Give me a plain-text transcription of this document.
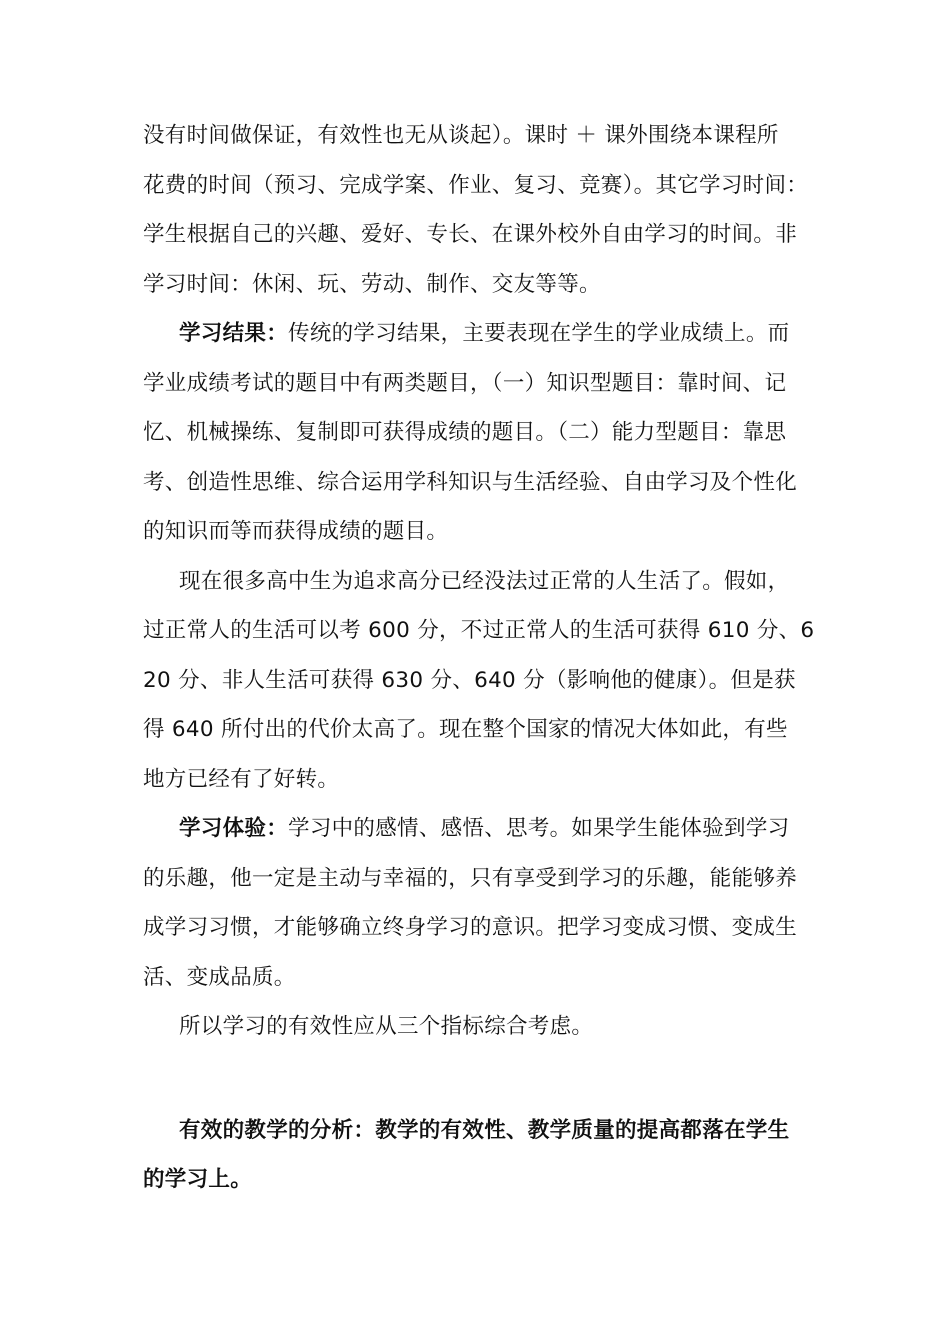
没有时间做保证，有效性也无从谈起）。课时 ＋ 课外围绕本课程所
花费的时间（预习、完成学案、作业、复习、竞赛）。其它学习时间：
学生根据自己的兴趣、爱好、专长、在课外校外自由学习的时间。非
学习时间：休闲、玩、劳动、制作、交友等等。
学习结果：传统的学习结果，主要表现在学生的学业成绩上。而
学业成绩考试的题目中有两类题目，（一）知识型题目：靠时间、记
忆、机械操练、复制即可获得成绩的题目。（二）能力型题目：靠思
考、创造性思维、综合运用学科知识与生活经验、自由学习及个性化
的知识而等而获得成绩的题目。
现在很多高中生为追求高分已经没法过正常的人生活了。假如，
过正常人的生活可以考 600 分，不过正常人的生活可获得 610 分、6
20 分、非人生活可获得 630 分、640 分（影响他的健康）。但是获
得 640 所付出的代价太高了。现在整个国家的情况大体如此，有些
地方已经有了好转。
学习体验：学习中的感情、感悟、思考。如果学生能体验到学习
的乐趣，他一定是主动与幸福的，只有享受到学习的乐趣，能能够养
成学习习惯，才能够确立终身学习的意识。把学习变成习惯、变成生
活、变成品质。
所以学习的有效性应从三个指标综合考虑。
有效的教学的分析：教学的有效性、教学质量的提高都落在学生
的学习上。
